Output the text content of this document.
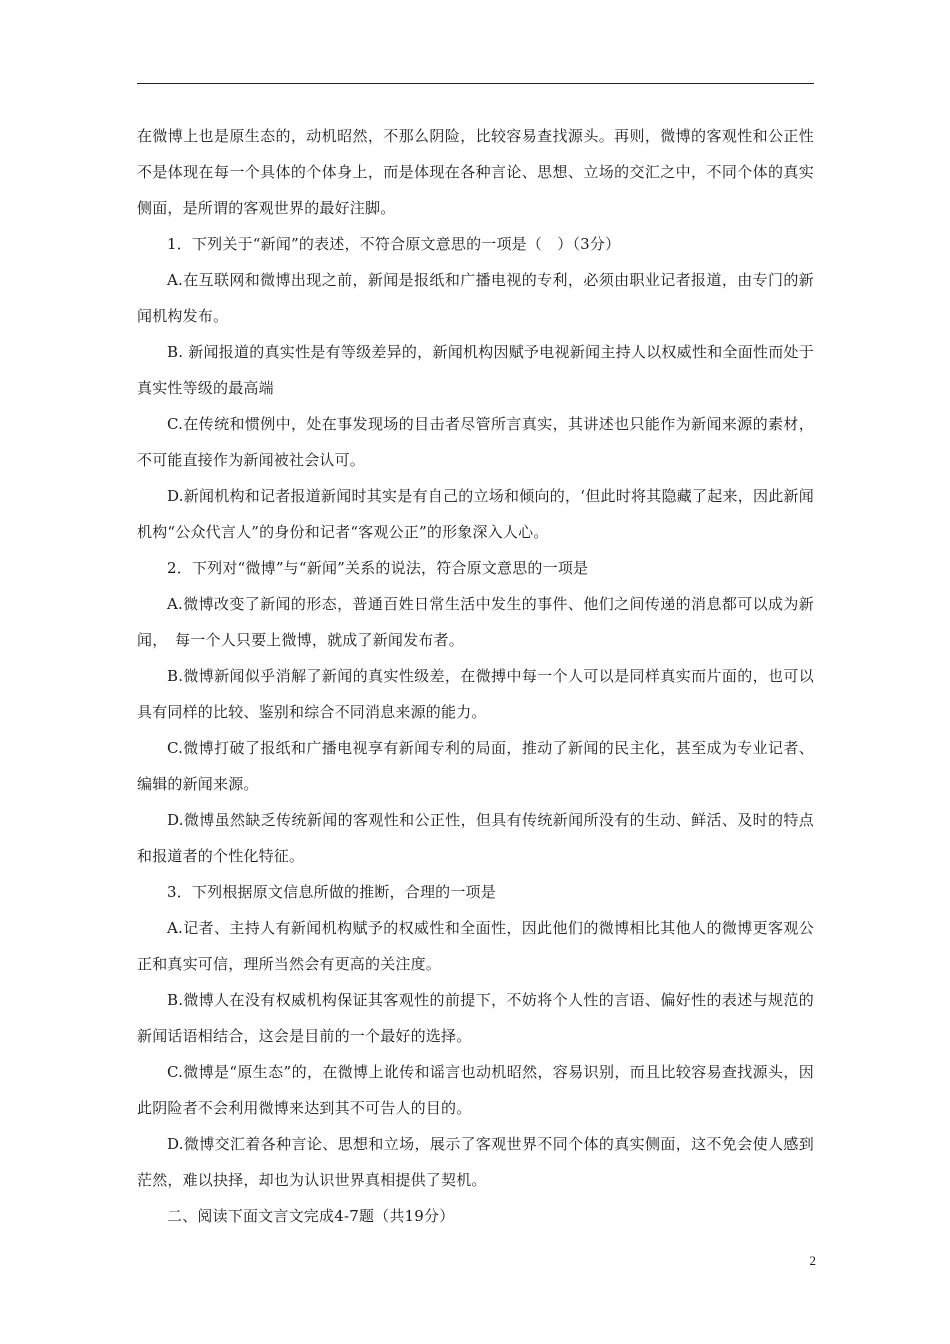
在微博上也是原生态的，动机昭然，不那么阴险，比较容易查找源头。再则，微博的客观性和公正性不是体现在每一个具体的个体身上，而是体现在各种言论、思想、立场的交汇之中，不同个体的真实侧面，是所谓的客观世界的最好注脚。

1．下列关于“新闻”的表述，不符合原文意思的一项是（　）（3分）

A.在互联网和微博出现之前，新闻是报纸和广播电视的专利，必须由职业记者报道，由专门的新闻机构发布。

B. 新闻报道的真实性是有等级差异的，新闻机构因赋予电视新闻主持人以权威性和全面性而处于真实性等级的最高端

C.在传统和惯例中，处在事发现场的目击者尽管所言真实，其讲述也只能作为新闻来源的素材，不可能直接作为新闻被社会认可。

D.新闻机构和记者报道新闻时其实是有自己的立场和倾向的，‘但此时将其隐藏了起来，因此新闻机构“公众代言人”的身份和记者“客观公正”的形象深入人心。

2．下列对“微博”与“新闻”关系的说法，符合原文意思的一项是

A.微博改变了新闻的形态，普通百姓日常生活中发生的事件、他们之间传递的消息都可以成为新闻，　每一个人只要上微博，就成了新闻发布者。

B.微博新闻似乎消解了新闻的真实性级差，在微搏中每一个人可以是同样真实而片面的，也可以具有同样的比较、鉴别和综合不同消息来源的能力。

C.微博打破了报纸和广播电视享有新闻专利的局面，推动了新闻的民主化，甚至成为专业记者、编辑的新闻来源。

D.微博虽然缺乏传统新闻的客观性和公正性，但具有传统新闻所没有的生动、鲜活、及时的特点和报道者的个性化特征。

3．下列根据原文信息所做的推断，合理的一项是

A.记者、主持人有新闻机构赋予的权威性和全面性，因此他们的微博相比其他人的微博更客观公正和真实可信，理所当然会有更高的关注度。

B.微博人在没有权威机构保证其客观性的前提下，不妨将个人性的言语、偏好性的表述与规范的新闻话语相结合，这会是目前的一个最好的选择。

C.微博是“原生态”的，在微博上讹传和谣言也动机昭然，容易识别，而且比较容易查找源头，因此阴险者不会利用微博来达到其不可告人的目的。

D.微博交汇着各种言论、思想和立场，展示了客观世界不同个体的真实侧面，这不免会使人感到茫然，难以抉择，却也为认识世界真相提供了契机。

二、阅读下面文言文完成4-7题（共19分）

2
